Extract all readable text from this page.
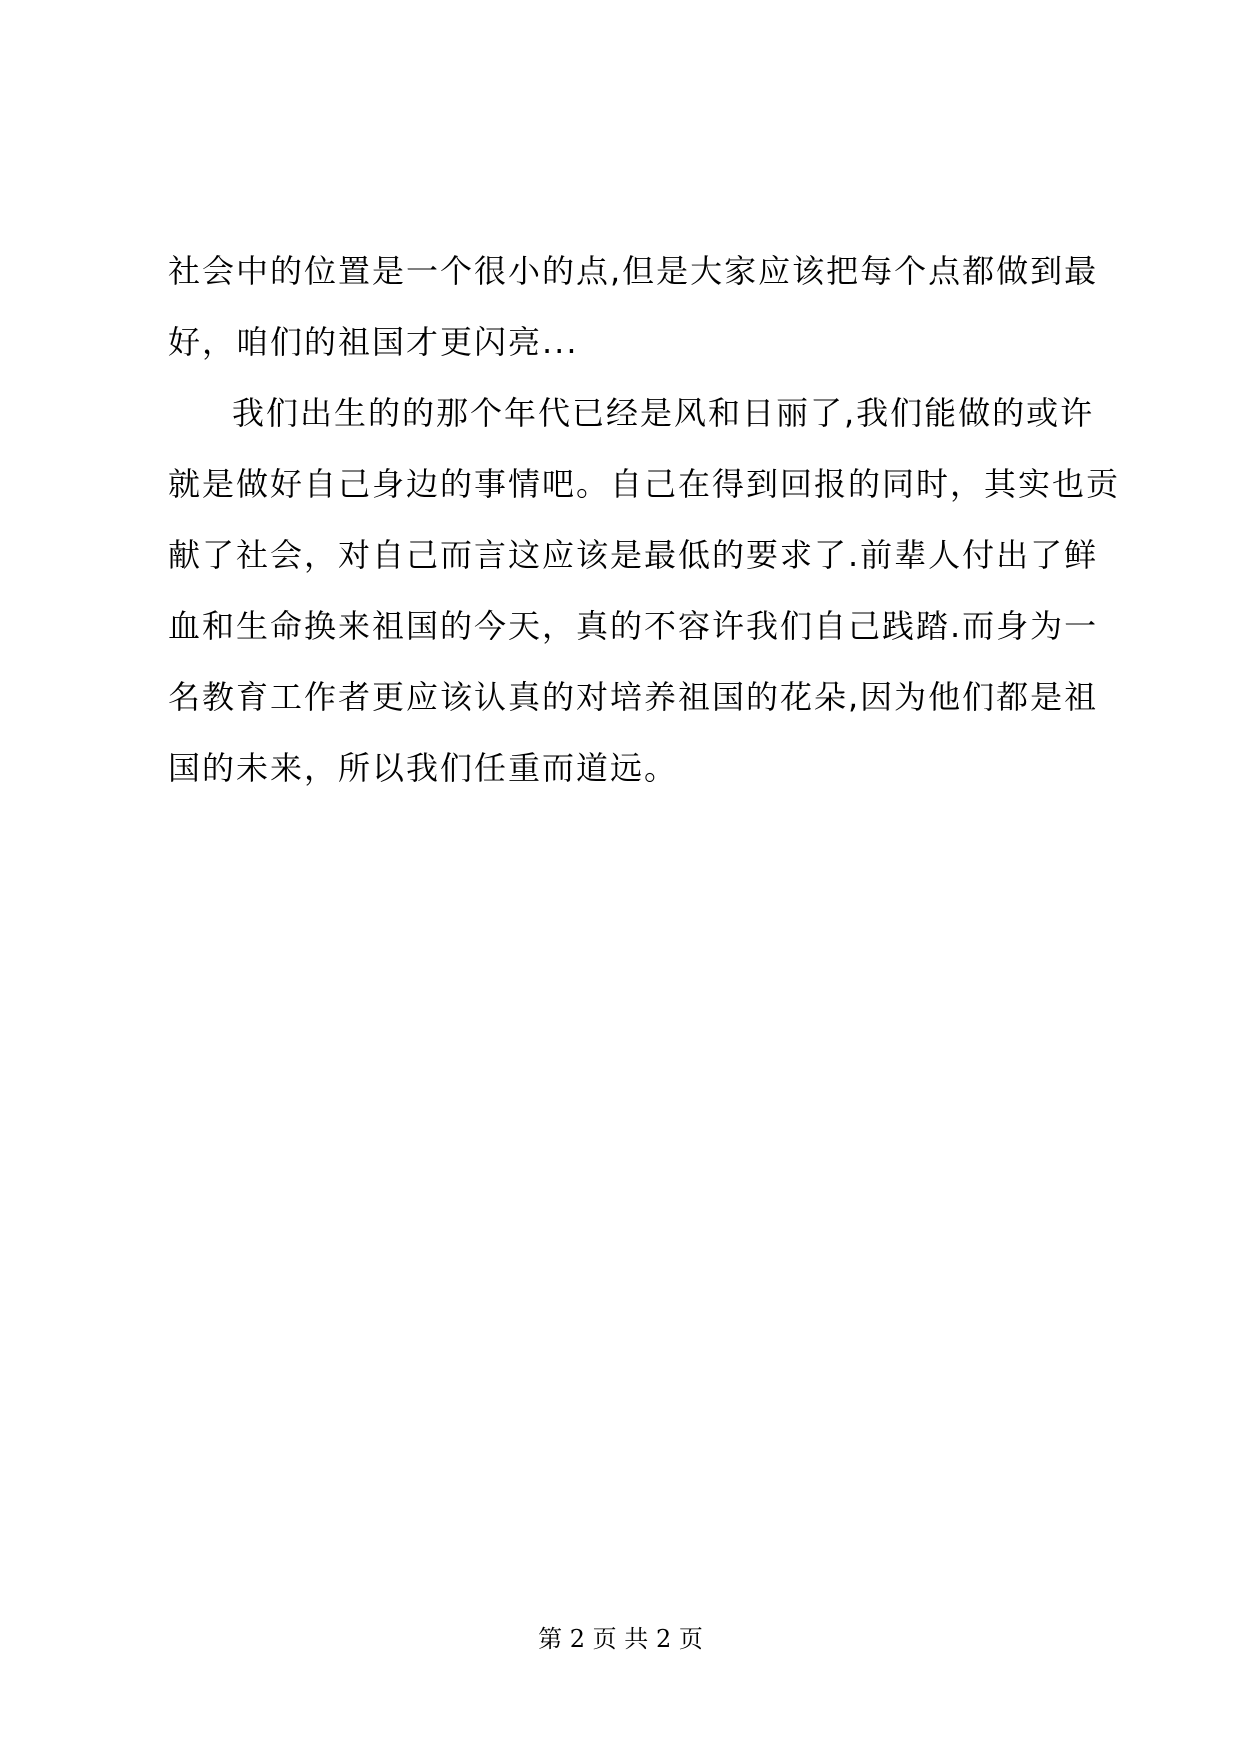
社会中的位置是一个很小的点,但是大家应该把每个点都做到最
好，咱们的祖国才更闪亮...
我们出生的的那个年代已经是风和日丽了,我们能做的或许
就是做好自己身边的事情吧。自己在得到回报的同时，其实也贡
献了社会，对自己而言这应该是最低的要求了.前辈人付出了鲜
血和生命换来祖国的今天，真的不容许我们自己践踏.而身为一
名教育工作者更应该认真的对培养祖国的花朵,因为他们都是祖
国的未来，所以我们任重而道远。
第 2 页 共 2 页
